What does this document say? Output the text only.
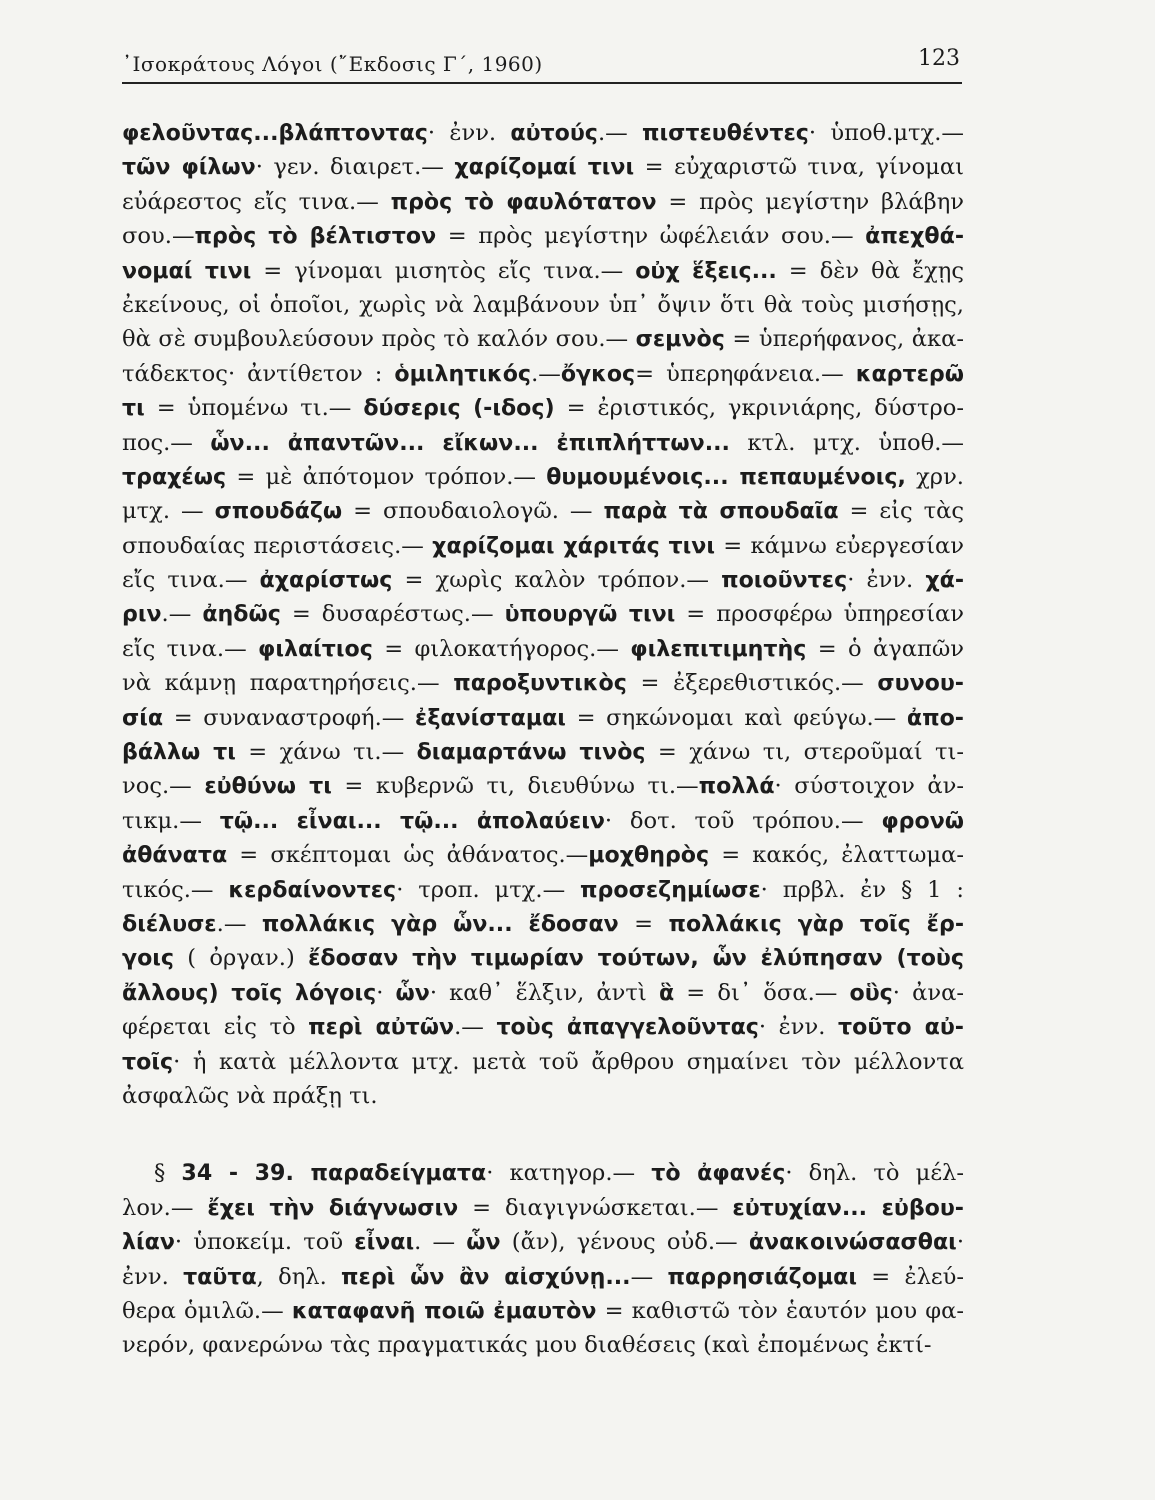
᾿Ισοκράτους Λόγοι (῎Εκδοσις Γ΄, 1960)	123
φελοῦντας...βλάπτοντας· ἐνν. αὐτούς.— πιστευθέντες· ὑποθ.μτχ.—
τῶν φίλων· γεν. διαιρετ.— χαρίζομαί τινι = εὐχαριστῶ τινα, γίνομαι
εὐάρεστος εἴς τινα.— πρὸς τὸ φαυλότατον = πρὸς μεγίστην βλάβην
σου.—πρὸς τὸ βέλτιστον = πρὸς μεγίστην ὠφέλειάν σου.— ἀπεχθά-
νομαί τινι = γίνομαι μισητὸς εἴς τινα.— οὐχ ἕξεις... = δὲν θὰ ἔχῃς
ἐκείνους, οἱ ὁποῖοι, χωρὶς νὰ λαμβάνουν ὑπ᾿ ὄψιν ὅτι θὰ τοὺς μισήσῃς,
θὰ σὲ συμβουλεύσουν πρὸς τὸ καλόν σου.— σεμνὸς = ὑπερήφανος, ἀκα-
τάδεκτος· ἀντίθετον : ὁμιλητικός.—ὄγκος= ὑπερηφάνεια.— καρτερῶ
τι = ὑπομένω τι.— δύσερις (-ιδος) = ἐριστικός, γκρινιάρης, δύστρο-
πος.— ὧν... ἀπαντῶν... εἴκων... ἐπιπλήττων... κτλ. μτχ. ὑποθ.—
τραχέως = μὲ ἀπότομον τρόπον.— θυμουμένοις... πεπαυμένοις, χρν.
μτχ. — σπουδάζω = σπουδαιολογῶ. — παρὰ τὰ σπουδαῖα = εἰς τὰς
σπουδαίας περιστάσεις.— χαρίζομαι χάριτάς τινι = κάμνω εὐεργεσίαν
εἴς τινα.— ἀχαρίστως = χωρὶς καλὸν τρόπον.— ποιοῦντες· ἐνν. χά-
ριν.— ἀηδῶς = δυσαρέστως.— ὑπουργῶ τινι = προσφέρω ὑπηρεσίαν
εἴς τινα.— φιλαίτιος = φιλοκατήγορος.— φιλεπιτιμητὴς = ὁ ἀγαπῶν
νὰ κάμνῃ παρατηρήσεις.— παροξυντικὸς = ἐξερεθιστικός.— συνου-
σία = συναναστροφή.— ἐξανίσταμαι = σηκώνομαι καὶ φεύγω.— ἀπο-
βάλλω τι = χάνω τι.— διαμαρτάνω τινὸς = χάνω τι, στεροῦμαί τι-
νος.— εὐθύνω τι = κυβερνῶ τι, διευθύνω τι.—πολλά· σύστοιχον ἀν-
τικμ.— τῷ... εἶναι... τῷ... ἀπολαύειν· δοτ. τοῦ τρόπου.— φρονῶ
ἀθάνατα = σκέπτομαι ὡς ἀθάνατος.—μοχθηρὸς = κακός, ἐλαττωμα-
τικός.— κερδαίνοντες· τροπ. μτχ.— προσεζημίωσε· πρβλ. ἐν § 1 :
διέλυσε.— πολλάκις γὰρ ὧν... ἔδοσαν = πολλάκις γὰρ τοῖς ἔρ-
γοις ( ὀργαν.) ἔδοσαν τὴν τιμωρίαν τούτων, ὧν ἐλύπησαν (τοὺς
ἄλλους) τοῖς λόγοις· ὧν· καθ᾿ ἕλξιν, ἀντὶ ἃ = δι᾿ ὅσα.— οὓς· ἀνα-
φέρεται εἰς τὸ περὶ αὐτῶν.— τοὺς ἀπαγγελοῦντας· ἐνν. τοῦτο αὐ-
τοῖς· ἡ κατὰ μέλλοντα μτχ. μετὰ τοῦ ἄρθρου σημαίνει τὸν μέλλοντα
ἀσφαλῶς νὰ πράξῃ τι.
§ 34 - 39. παραδείγματα· κατηγορ.— τὸ ἀφανές· δηλ. τὸ μέλ-
λον.— ἔχει τὴν διάγνωσιν = διαγιγνώσκεται.— εὐτυχίαν... εὐβου-
λίαν· ὑποκείμ. τοῦ εἶναι. — ὧν (ἄν), γένους οὐδ.— ἀνακοινώσασθαι·
ἐνν. ταῦτα, δηλ. περὶ ὧν ἂν αἰσχύνῃ...— παρρησιάζομαι = ἐλεύ-
θερα ὁμιλῶ.— καταφανῆ ποιῶ ἐμαυτὸν = καθιστῶ τὸν ἑαυτόν μου φα-
νερόν, φανερώνω τὰς πραγματικάς μου διαθέσεις (καὶ ἐπομένως ἐκτί-
